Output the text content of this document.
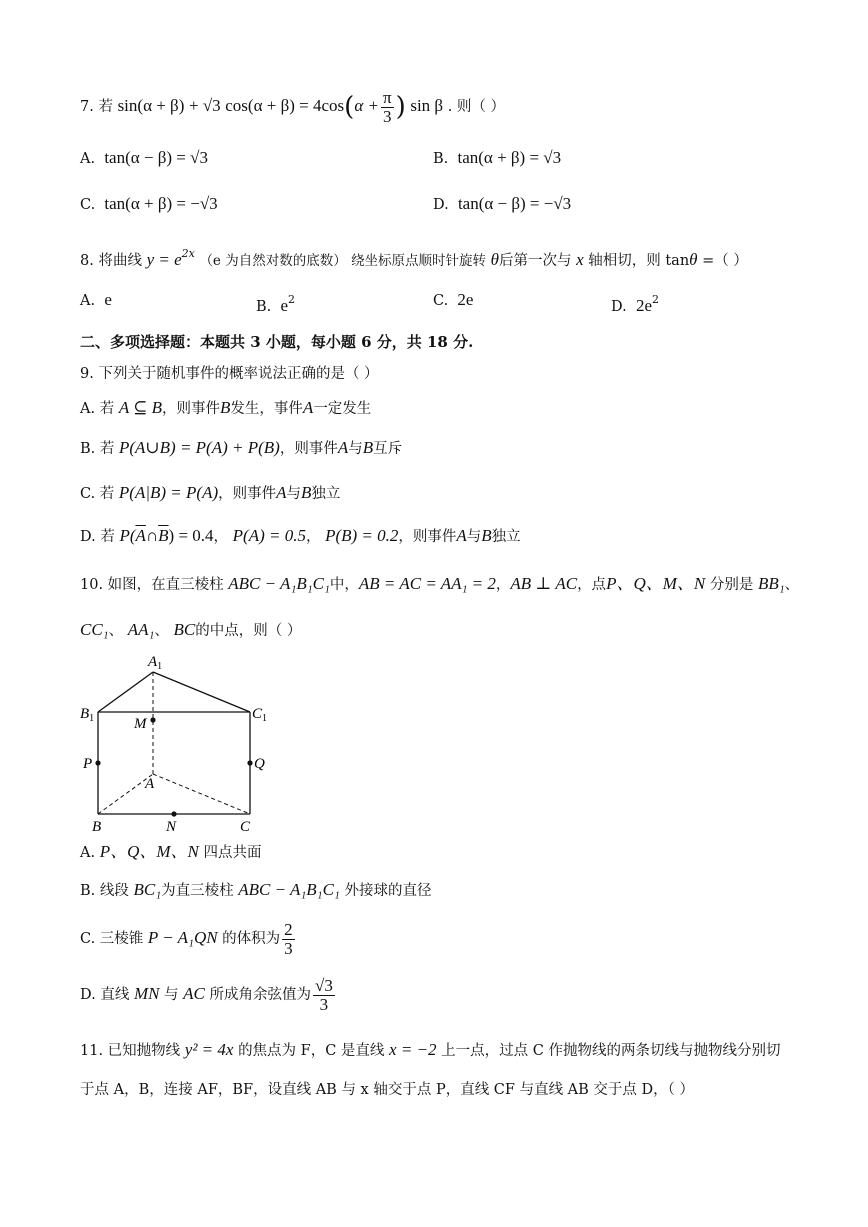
7. 若 sin(α + β) + √3 $\cos(\alpha + \beta) = 4\cos(\alpha + \frac{\pi}{3}$ ) sin β . 则（ ）
A. tan(α − β) = √3	B. tan(α + β) = √3
C. tan(α + β) = −√3	D. tan(α − β) = −√3
8. 将曲线 $y = e^{2x}$ （e 为自然对数的底数） 绕坐标原点顺时针旋转 θ后第一次与 x 轴相切，则 tanθ =（ ）
A. e	B. $e^2$	C. 2e	D. $2e^2$
二、多项选择题：本题共 3 小题，每小题 6 分，共 18 分.
9. 下列关于随机事件的概率说法正确的是（ ）
A. 若 A ⊆ B，则事件B发生，事件A一定发生
B. 若 P(A∪B) = P(A) + P(B)，则事件A与B互斥
C. 若 P(A|B) = P(A)，则事件A与B独立
D. 若 $P(\overline{A}\cap\overline{B}) = 0.4$， P(A) = 0.5， P(B) = 0.2，则事件A与B独立
10. 如图，在直三棱柱 ABC − A₁B₁C₁中，AB = AC = AA₁ = 2，AB ⊥ AC，点P、Q、M、N 分别是 BB₁、
CC₁、 AA₁、 BC的中点，则（ ）
$A_1$
$B_1$	$C_1$
M
P	Q
A
B	N	C
A. P、Q、M、N 四点共面
B. 线段 BC₁为直三棱柱 ABC − A₁B₁C₁ 外接球的直径
C. 三棱锥 P − A₁QN 的体积为 $\frac{2}{3}$
D. 直线 MN 与 AC 所成角余弦值为 $\frac{√3}{3}$
11. 已知抛物线 y² = 4x 的焦点为 F，C 是直线 x = −2 上一点，过点 C 作抛物线的两条切线与抛物线分别切
于点 A，B，连接 AF，BF，设直线 AB 与 x 轴交于点 P，直线 CF 与直线 AB 交于点 D，（ ）
